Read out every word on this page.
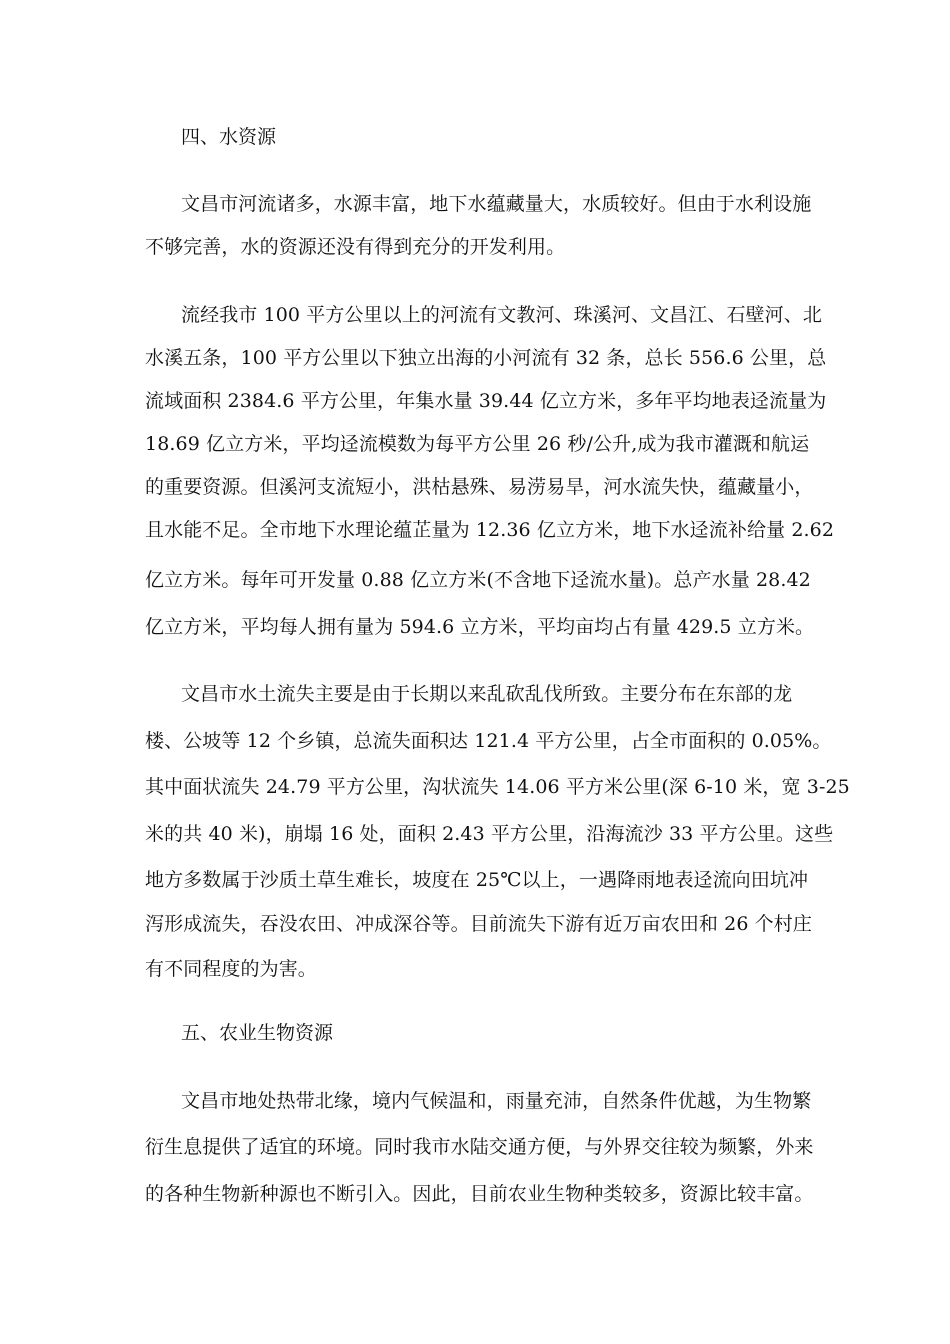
四、水资源
文昌市河流诸多，水源丰富，地下水蕴藏量大，水质较好。但由于水利设施
不够完善，水的资源还没有得到充分的开发利用。
流经我市 100 平方公里以上的河流有文教河、珠溪河、文昌江、石壁河、北
水溪五条，100 平方公里以下独立出海的小河流有 32 条，总长 556.6 公里，总
流域面积 2384.6 平方公里，年集水量 39.44 亿立方米，多年平均地表迳流量为
18.69 亿立方米，平均迳流模数为每平方公里 26 秒/公升,成为我市灌溉和航运
的重要资源。但溪河支流短小，洪枯悬殊、易涝易旱，河水流失快，蕴藏量小，
且水能不足。全市地下水理论蕴芷量为 12.36 亿立方米，地下水迳流补给量 2.62
亿立方米。每年可开发量 0.88 亿立方米(不含地下迳流水量)。总产水量 28.42
亿立方米，平均每人拥有量为 594.6 立方米，平均亩均占有量 429.5 立方米。
文昌市水土流失主要是由于长期以来乱砍乱伐所致。主要分布在东部的龙
楼、公坡等 12 个乡镇，总流失面积达 121.4 平方公里，占全市面积的 0.05%。
其中面状流失 24.79 平方公里，沟状流失 14.06 平方米公里(深 6-10 米，宽 3-25
米的共 40 米)，崩塌 16 处，面积 2.43 平方公里，沿海流沙 33 平方公里。这些
地方多数属于沙质土草生难长，坡度在 25℃以上，一遇降雨地表迳流向田坑冲
泻形成流失，吞没农田、冲成深谷等。目前流失下游有近万亩农田和 26 个村庄
有不同程度的为害。
五、农业生物资源
文昌市地处热带北缘，境内气候温和，雨量充沛，自然条件优越，为生物繁
衍生息提供了适宜的环境。同时我市水陆交通方便，与外界交往较为频繁，外来
的各种生物新种源也不断引入。因此，目前农业生物种类较多，资源比较丰富。
